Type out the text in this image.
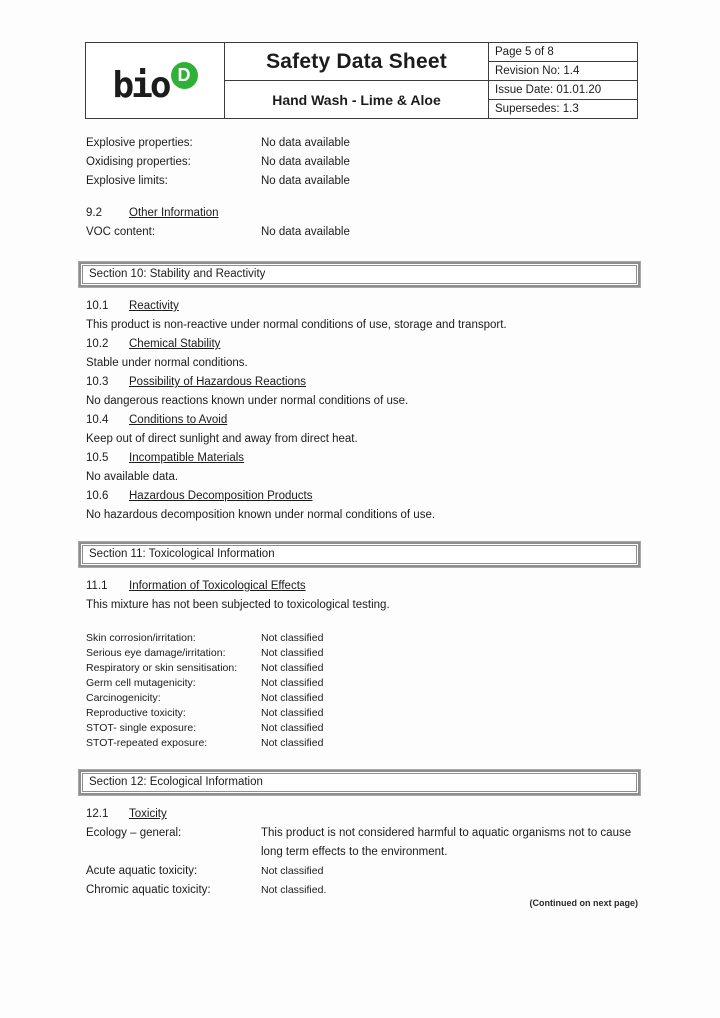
bio D
Safety Data Sheet
Hand Wash - Lime & Aloe
Page 5 of 8
Revision No: 1.4
Issue Date: 01.01.20
Supersedes: 1.3
Explosive properties:	No data available
Oxidising properties:	No data available
Explosive limits:	No data available
9.2 Other Information
VOC content:	No data available
Section 10: Stability and Reactivity
10.1 Reactivity
This product is non-reactive under normal conditions of use, storage and transport.
10.2 Chemical Stability
Stable under normal conditions.
10.3 Possibility of Hazardous Reactions
No dangerous reactions known under normal conditions of use.
10.4 Conditions to Avoid
Keep out of direct sunlight and away from direct heat.
10.5 Incompatible Materials
No available data.
10.6 Hazardous Decomposition Products
No hazardous decomposition known under normal conditions of use.
Section 11: Toxicological Information
11.1 Information of Toxicological Effects
This mixture has not been subjected to toxicological testing.
Skin corrosion/irritation:	Not classified
Serious eye damage/irritation:	Not classified
Respiratory or skin sensitisation:	Not classified
Germ cell mutagenicity:	Not classified
Carcinogenicity:	Not classified
Reproductive toxicity:	Not classified
STOT- single exposure:	Not classified
STOT-repeated exposure:	Not classified
Section 12: Ecological Information
12.1 Toxicity
Ecology – general:	This product is not considered harmful to aquatic organisms not to cause long term effects to the environment.
Acute aquatic toxicity:	Not classified
Chromic aquatic toxicity:	Not classified.
(Continued on next page)
